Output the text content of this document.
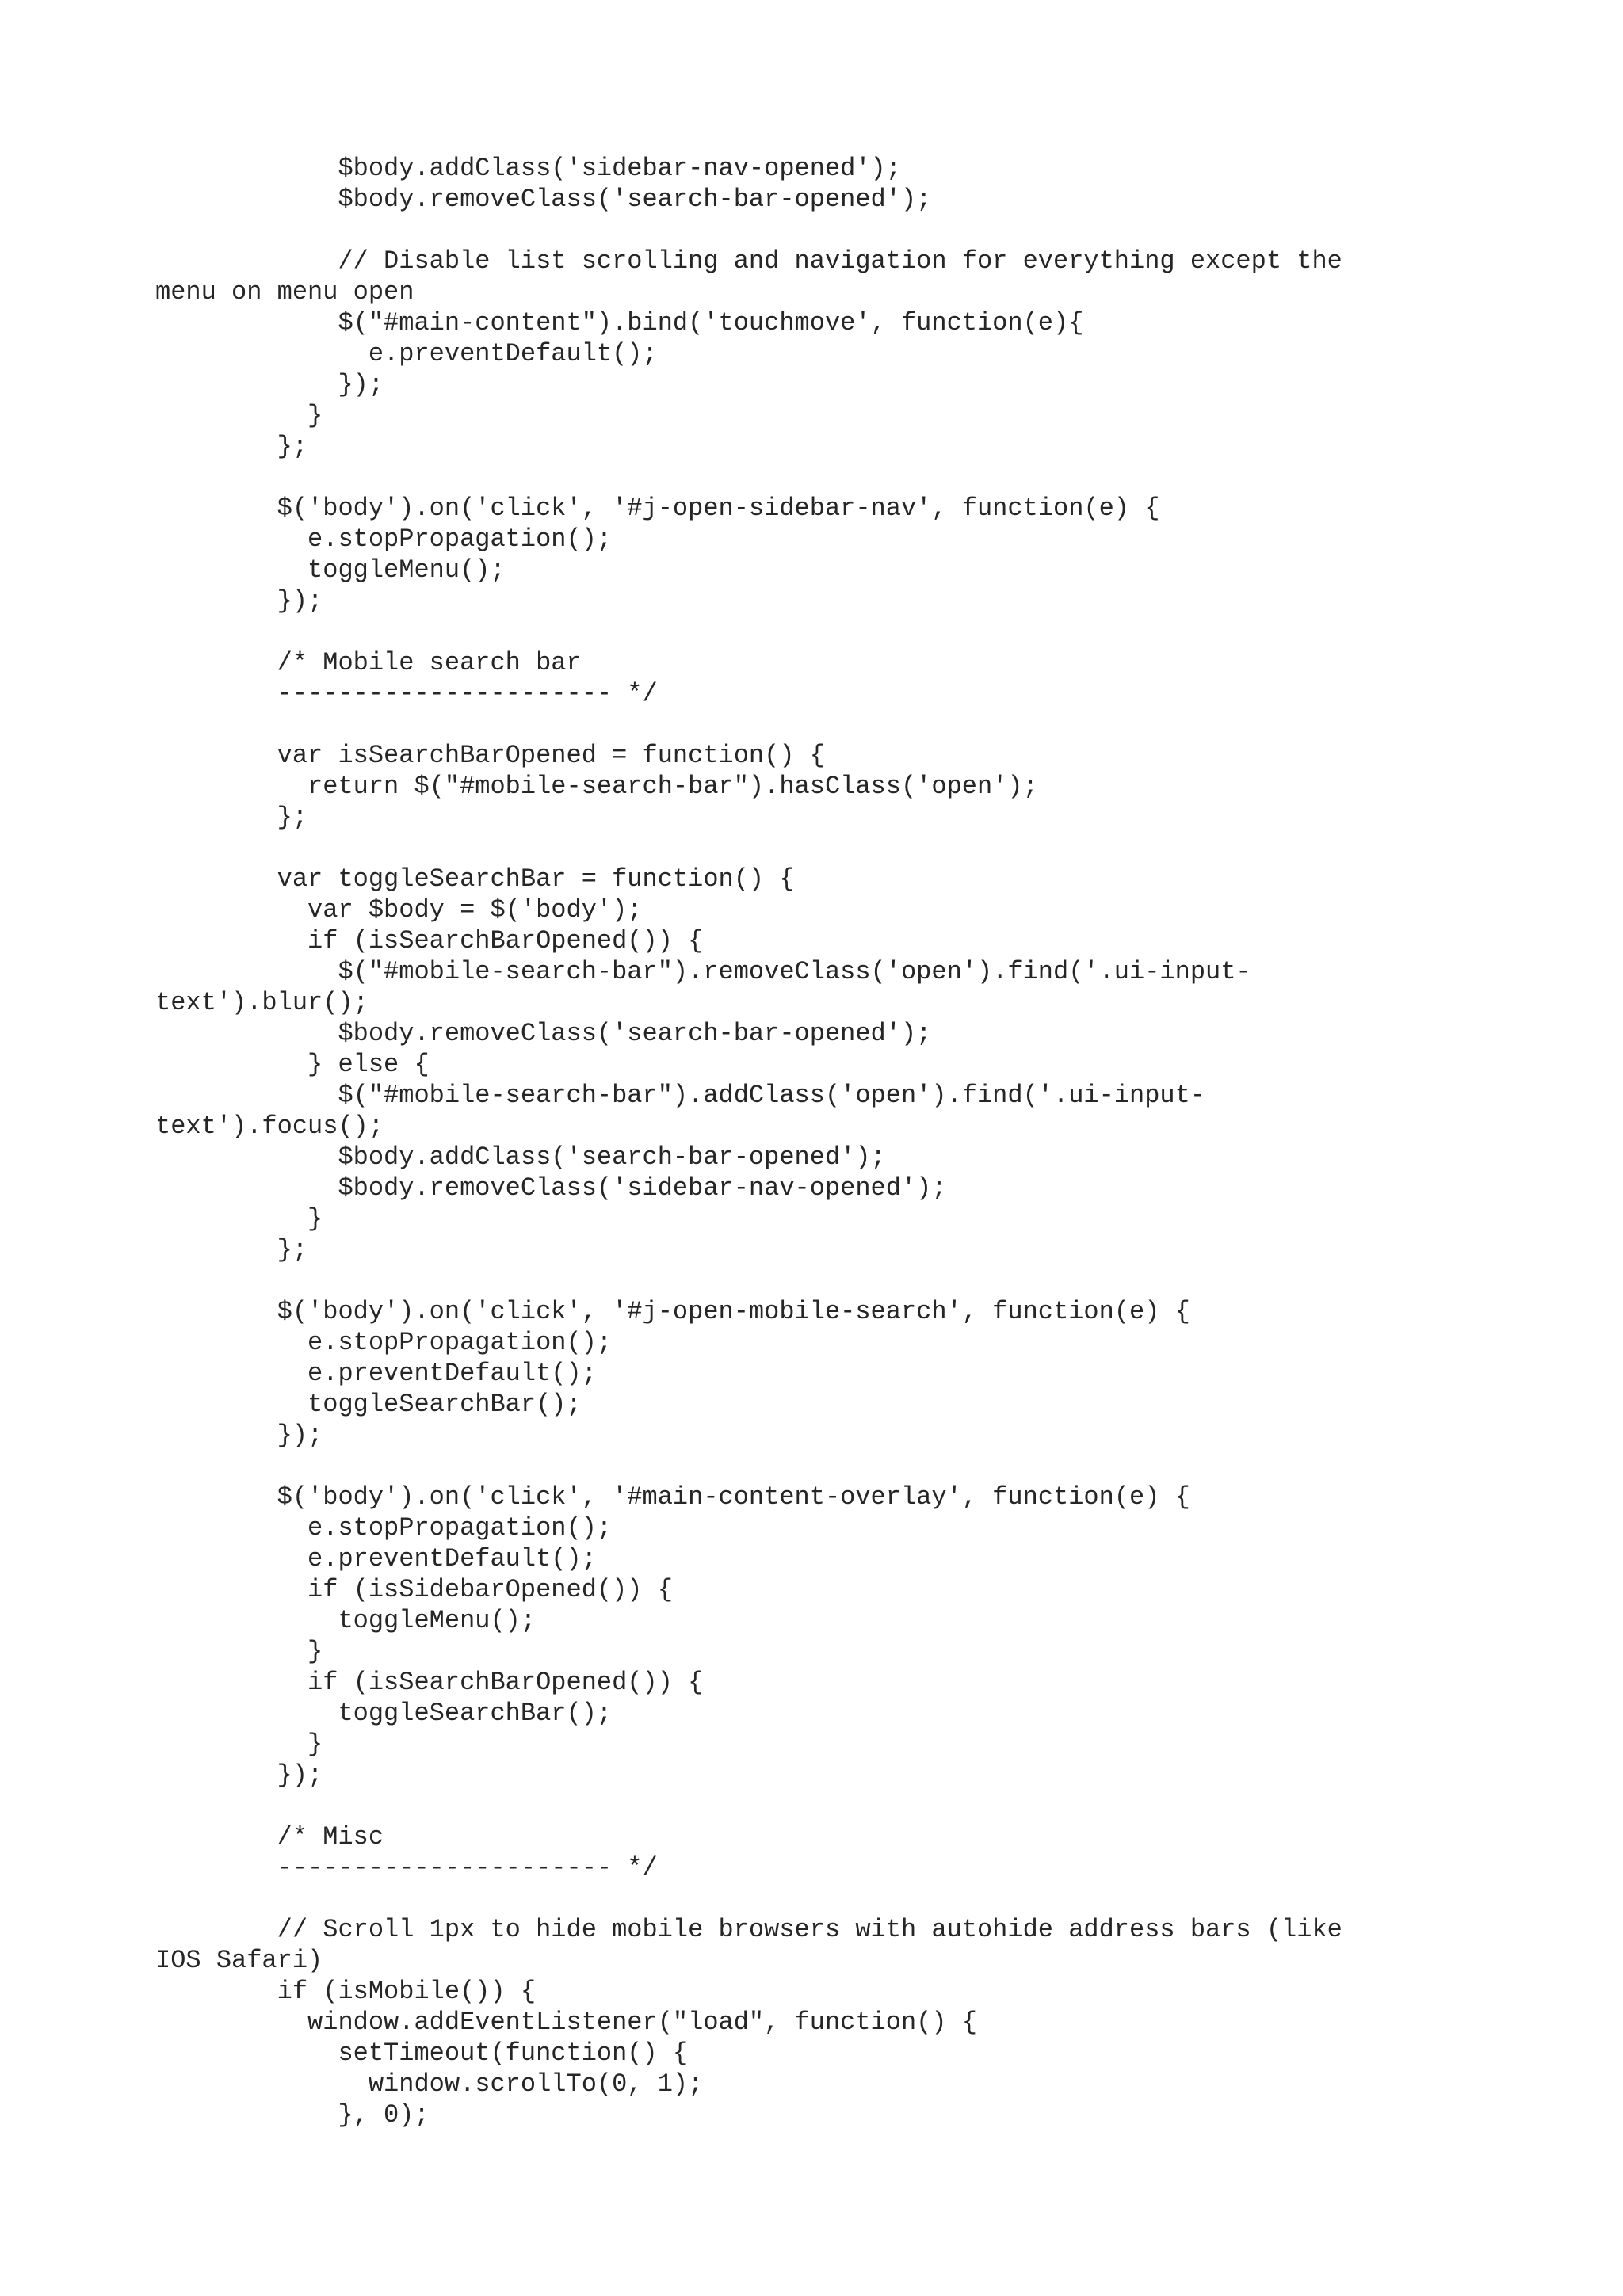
$body.addClass('sidebar-nav-opened');
$body.removeClass('search-bar-opened');
// Disable list scrolling and navigation for everything except the
menu on menu open
$("#main-content").bind('touchmove', function(e){
e.preventDefault();
});
}
};
$('body').on('click', '#j-open-sidebar-nav', function(e) {
e.stopPropagation();
toggleMenu();
});
/* Mobile search bar
---------------------- */
var isSearchBarOpened = function() {
return $("#mobile-search-bar").hasClass('open');
};
var toggleSearchBar = function() {
var $body = $('body');
if (isSearchBarOpened()) {
$("#mobile-search-bar").removeClass('open').find('.ui-input-
text').blur();
$body.removeClass('search-bar-opened');
} else {
$("#mobile-search-bar").addClass('open').find('.ui-input-
text').focus();
$body.addClass('search-bar-opened');
$body.removeClass('sidebar-nav-opened');
}
};
$('body').on('click', '#j-open-mobile-search', function(e) {
e.stopPropagation();
e.preventDefault();
toggleSearchBar();
});
$('body').on('click', '#main-content-overlay', function(e) {
e.stopPropagation();
e.preventDefault();
if (isSidebarOpened()) {
toggleMenu();
}
if (isSearchBarOpened()) {
toggleSearchBar();
}
});
/* Misc
---------------------- */
// Scroll 1px to hide mobile browsers with autohide address bars (like
IOS Safari)
if (isMobile()) {
window.addEventListener("load", function() {
setTimeout(function() {
window.scrollTo(0, 1);
}, 0);
